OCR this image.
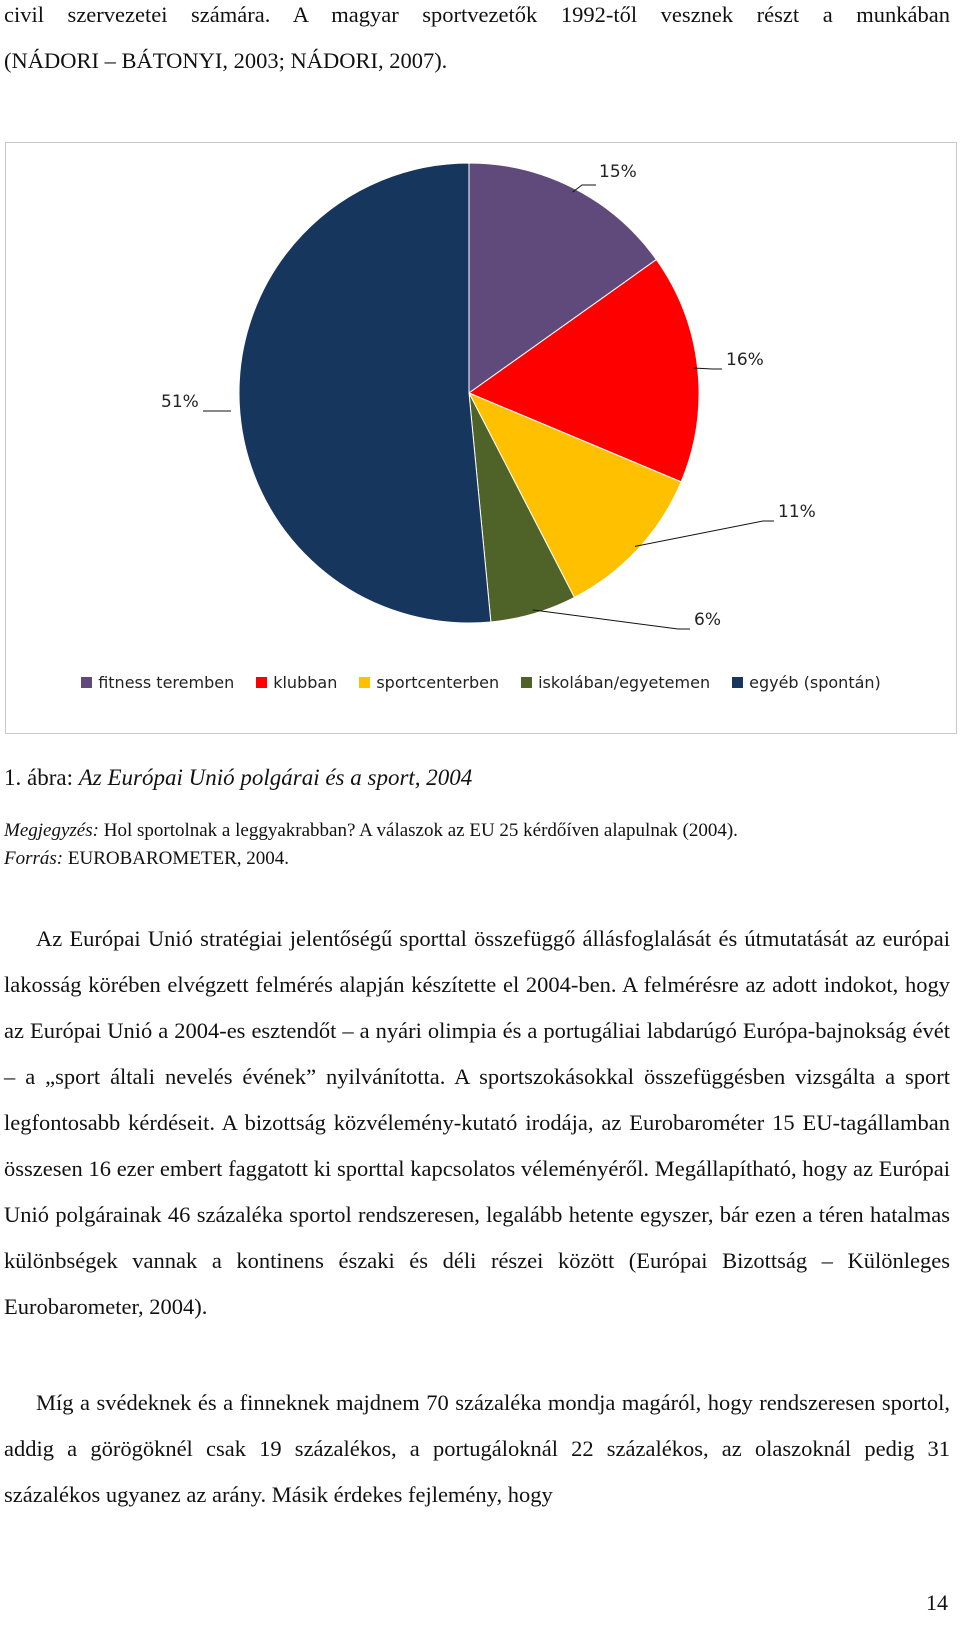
civil szervezetei számára. A magyar sportvezetők 1992-től vesznek részt a munkában
(NÁDORI – BÁTONYI, 2003; NÁDORI, 2007).

15%
16%
11%
6%
51%
fitness teremben klubban sportcenterben iskolában/egyetemen egyéb (spontán)

1. ábra: Az Európai Unió polgárai és a sport, 2004

Megjegyzés: Hol sportolnak a leggyakrabban? A válaszok az EU 25 kérdőíven alapulnak (2004).
Forrás: EUROBAROMETER, 2004.

Az Európai Unió stratégiai jelentőségű sporttal összefüggő állásfoglalását és útmutatását az európai lakosság körében elvégzett felmérés alapján készítette el 2004-ben. A felmérésre az adott indokot, hogy az Európai Unió a 2004-es esztendőt – a nyári olimpia és a portugáliai labdarúgó Európa-bajnokság évét – a „sport általi nevelés évének” nyilvánította. A sportszokásokkal összefüggésben vizsgálta a sport legfontosabb kérdéseit. A bizottság közvélemény-kutató irodája, az Eurobarométer 15 EU-tagállamban összesen 16 ezer embert faggatott ki sporttal kapcsolatos véleményéről. Megállapítható, hogy az Európai Unió polgárainak 46 százaléka sportol rendszeresen, legalább hetente egyszer, bár ezen a téren hatalmas különbségek vannak a kontinens északi és déli részei között (Európai Bizottság – Különleges Eurobarometer, 2004).

Míg a svédeknek és a finneknek majdnem 70 százaléka mondja magáról, hogy rendszeresen sportol, addig a görögöknél csak 19 százalékos, a portugáloknál 22 százalékos, az olaszoknál pedig 31 százalékos ugyanez az arány. Másik érdekes fejlemény, hogy

14
